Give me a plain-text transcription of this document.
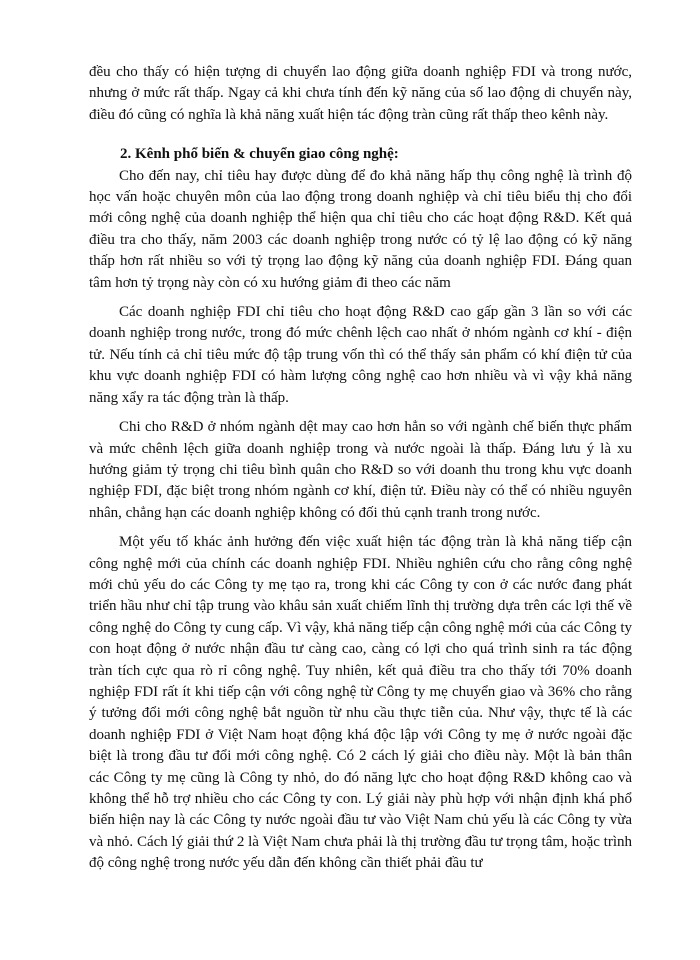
đều cho thấy có hiện tượng di chuyển lao động giữa doanh nghiệp FDI và trong nước, nhưng ở mức rất thấp. Ngay cả khi chưa tính đến kỹ năng của số lao động di chuyển này, điều đó cũng có nghĩa là khả năng xuất hiện tác động tràn cũng rất thấp theo kênh này.

2. Kênh phổ biến & chuyển giao công nghệ:

Cho đến nay, chỉ tiêu hay được dùng để đo khả năng hấp thụ công nghệ là trình độ học vấn hoặc chuyên môn của lao động trong doanh nghiệp và chỉ tiêu biểu thị cho đổi mới công nghệ của doanh nghiệp thể hiện qua chỉ tiêu cho các hoạt động R&D. Kết quả điều tra cho thấy, năm 2003 các doanh nghiệp trong nước có tỷ lệ lao động có kỹ năng thấp hơn rất nhiều so với tỷ trọng lao động kỹ năng của doanh nghiệp FDI. Đáng quan tâm hơn tỷ trọng này còn có xu hướng giảm đi theo các năm

Các doanh nghiệp FDI chỉ tiêu cho hoạt động R&D cao gấp gần 3 lần so với các doanh nghiệp trong nước, trong đó mức chênh lệch cao nhất ở nhóm ngành cơ khí - điện tử. Nếu tính cả chỉ tiêu mức độ tập trung vốn thì có thể thấy sản phẩm có khí điện tử của khu vực doanh nghiệp FDI có hàm lượng công nghệ cao hơn nhiều và vì vậy khả năng năng xẩy ra tác động tràn là thấp.

Chi cho R&D ở nhóm ngành dệt may cao hơn hẳn so với ngành chế biến thực phẩm và mức chênh lệch giữa doanh nghiệp trong và nước ngoài là thấp. Đáng lưu ý là xu hướng giảm tỷ trọng chi tiêu bình quân cho R&D so với doanh thu trong khu vực doanh nghiệp FDI, đặc biệt trong nhóm ngành cơ khí, điện tử. Điều này có thể có nhiều nguyên nhân, chẳng hạn các doanh nghiệp không có đối thủ cạnh tranh trong nước.

Một yếu tố khác ảnh hưởng đến việc xuất hiện tác động tràn là khả năng tiếp cận công nghệ mới của chính các doanh nghiệp FDI. Nhiều nghiên cứu cho rằng công nghệ mới chủ yếu do các Công ty mẹ tạo ra, trong khi các Công ty con ở các nước đang phát triển hầu như chỉ tập trung vào khâu sản xuất chiếm lĩnh thị trường dựa trên các lợi thế về công nghệ do Công ty cung cấp. Vì vậy, khả năng tiếp cận công nghệ mới của các Công ty con hoạt động ở nước nhận đầu tư càng cao, càng có lợi cho quá trình sinh ra tác động tràn tích cực qua rò rỉ công nghệ. Tuy nhiên, kết quả điều tra cho thấy tới 70% doanh nghiệp FDI rất ít khi tiếp cận với công nghệ từ Công ty mẹ chuyển giao và 36% cho rằng ý tưởng đổi mới công nghệ bắt nguồn từ nhu cầu thực tiễn của. Như vậy, thực tế là các doanh nghiệp FDI ở Việt Nam hoạt động khá độc lập với Công ty mẹ ở nước ngoài đặc biệt là trong đầu tư đổi mới công nghệ. Có 2 cách lý giải cho điều này. Một là bản thân các Công ty mẹ cũng là Công ty nhỏ, do đó năng lực cho hoạt động R&D không cao và không thể hỗ trợ nhiều cho các Công ty con. Lý giải này phù hợp với nhận định khá phổ biến hiện nay là các Công ty nước ngoài đầu tư vào Việt Nam chủ yếu là các Công ty vừa và nhỏ. Cách lý giải thứ 2 là Việt Nam chưa phải là thị trường đầu tư trọng tâm, hoặc trình độ công nghệ trong nước yếu dẫn đến không cần thiết phải đầu tư
